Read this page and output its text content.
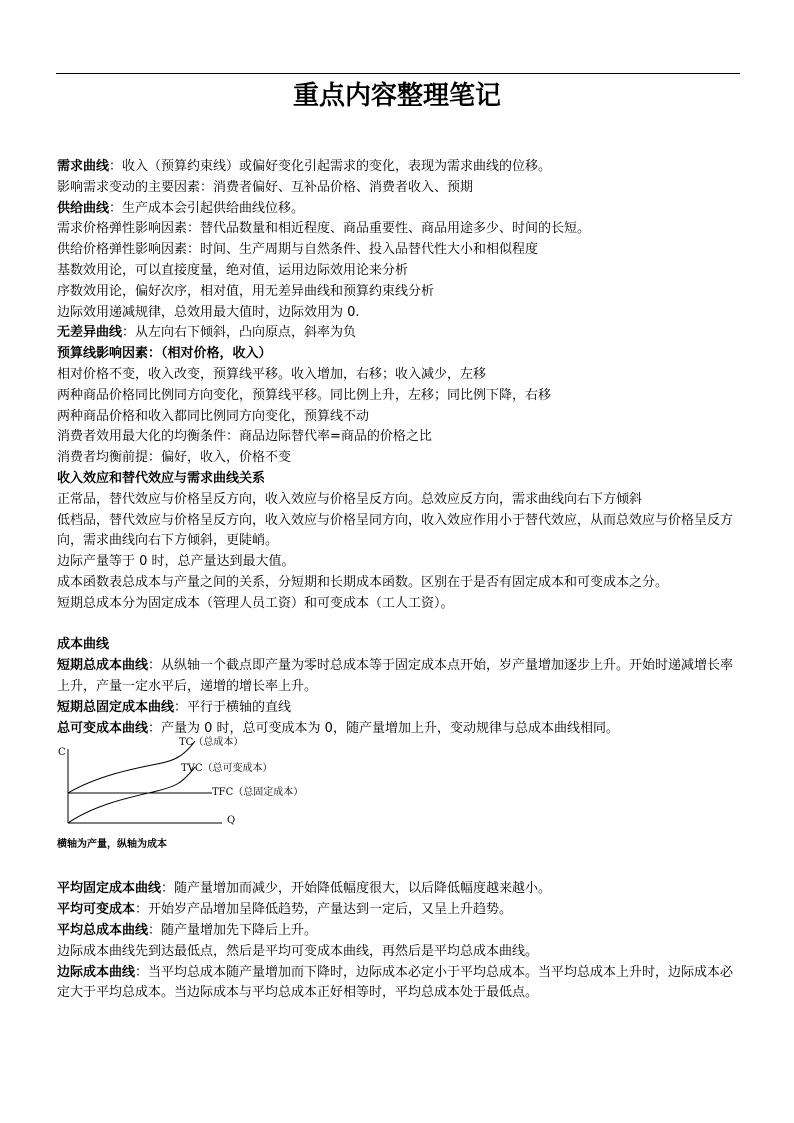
重点内容整理笔记
需求曲线：收入（预算约束线）或偏好变化引起需求的变化，表现为需求曲线的位移。
影响需求变动的主要因素：消费者偏好、互补品价格、消费者收入、预期
供给曲线：生产成本会引起供给曲线位移。
需求价格弹性影响因素：替代品数量和相近程度、商品重要性、商品用途多少、时间的长短。
供给价格弹性影响因素：时间、生产周期与自然条件、投入品替代性大小和相似程度
基数效用论，可以直接度量，绝对值，运用边际效用论来分析
序数效用论，偏好次序，相对值，用无差异曲线和预算约束线分析
边际效用递减规律，总效用最大值时，边际效用为 0.
无差异曲线：从左向右下倾斜，凸向原点，斜率为负
预算线影响因素：（相对价格，收入）
相对价格不变，收入改变，预算线平移。收入增加，右移；收入减少，左移
两种商品价格同比例同方向变化，预算线平移。同比例上升，左移；同比例下降，右移
两种商品价格和收入都同比例同方向变化，预算线不动
消费者效用最大化的均衡条件：商品边际替代率=商品的价格之比
消费者均衡前提：偏好，收入，价格不变
收入效应和替代效应与需求曲线关系
正常品，替代效应与价格呈反方向，收入效应与价格呈反方向。总效应反方向，需求曲线向右下方倾斜
低档品，替代效应与价格呈反方向，收入效应与价格呈同方向，收入效应作用小于替代效应，从而总效应与价格呈反方向，需求曲线向右下方倾斜，更陡峭。
边际产量等于 0 时，总产量达到最大值。
成本函数表总成本与产量之间的关系，分短期和长期成本函数。区别在于是否有固定成本和可变成本之分。
短期总成本分为固定成本（管理人员工资）和可变成本（工人工资）。
成本曲线
短期总成本曲线：从纵轴一个截点即产量为零时总成本等于固定成本点开始，岁产量增加逐步上升。开始时递减增长率上升，产量一定水平后，递增的增长率上升。
短期总固定成本曲线：平行于横轴的直线
总可变成本曲线：产量为 0 时，总可变成本为 0，随产量增加上升，变动规律与总成本曲线相同。
C
Q
TC（总成本）
TVC（总可变成本）
TFC（总固定成本）
横轴为产量，纵轴为成本
平均固定成本曲线：随产量增加而减少，开始降低幅度很大，以后降低幅度越来越小。
平均可变成本：开始岁产品增加呈降低趋势，产量达到一定后，又呈上升趋势。
平均总成本曲线：随产量增加先下降后上升。
边际成本曲线先到达最低点，然后是平均可变成本曲线，再然后是平均总成本曲线。
边际成本曲线：当平均总成本随产量增加而下降时，边际成本必定小于平均总成本。当平均总成本上升时，边际成本必定大于平均总成本。当边际成本与平均总成本正好相等时，平均总成本处于最低点。
